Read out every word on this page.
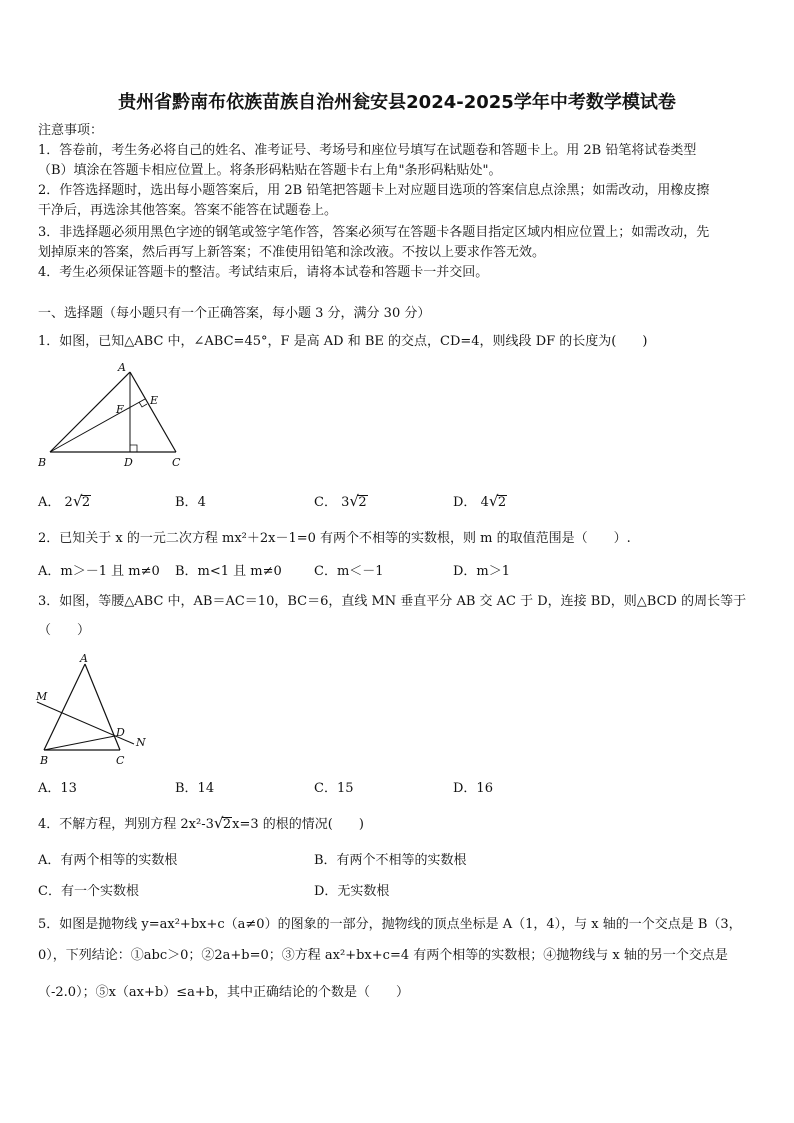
贵州省黔南布依族苗族自治州瓮安县2024-2025学年中考数学模试卷
注意事项：
1．答卷前，考生务必将自己的姓名、准考证号、考场号和座位号填写在试题卷和答题卡上。用 2B 铅笔将试卷类型
（B）填涂在答题卡相应位置上。将条形码粘贴在答题卡右上角"条形码粘贴处"。
2．作答选择题时，选出每小题答案后，用 2B 铅笔把答题卡上对应题目选项的答案信息点涂黑；如需改动，用橡皮擦
干净后，再选涂其他答案。答案不能答在试题卷上。
3．非选择题必须用黑色字迹的钢笔或签字笔作答，答案必须写在答题卡各题目指定区域内相应位置上；如需改动，先
划掉原来的答案，然后再写上新答案；不准使用铅笔和涂改液。不按以上要求作答无效。
4．考生必须保证答题卡的整洁。考试结束后，请将本试卷和答题卡一并交回。
一、选择题（每小题只有一个正确答案，每小题 3 分，满分 30 分）
1．如图，已知△ABC 中，∠ABC=45°，F 是高 AD 和 BE 的交点，CD=4，则线段 DF 的长度为(　　)
A
B	C
D
E
F
A． 2 √ 2	B．4	C． 3 √ 2	D． 4 √ 2
2．已知关于 x 的一元二次方程 mx²＋2x－1=0 有两个不相等的实数根，则 m 的取值范围是（　　）.
A．m＞－1 且 m≠0 B．m<1 且 m≠0 C．m＜－1	D．m＞1
3．如图，等腰△ABC 中，AB＝AC＝10，BC＝6，直线 MN 垂直平分 AB 交 AC 于 D，连接 BD，则△BCD 的周长等于
（　　）
A
B	C
D
M
N
A．13	B．14	C．15	D．16
4．不解方程，判别方程 2x²-3 √ 2x=3 的根的情况(　　)
A．有两个相等的实数根	B．有两个不相等的实数根
C．有一个实数根	D．无实数根
5．如图是抛物线 y=ax²+bx+c（a≠0）的图象的一部分，抛物线的顶点坐标是 A（1，4），与 x 轴的一个交点是 B（3，
0），下列结论：①abc＞0；②2a+b=0；③方程 ax²+bx+c=4 有两个相等的实数根；④抛物线与 x 轴的另一个交点是
（-2.0）；⑤x（ax+b）≤a+b，其中正确结论的个数是（　　）
